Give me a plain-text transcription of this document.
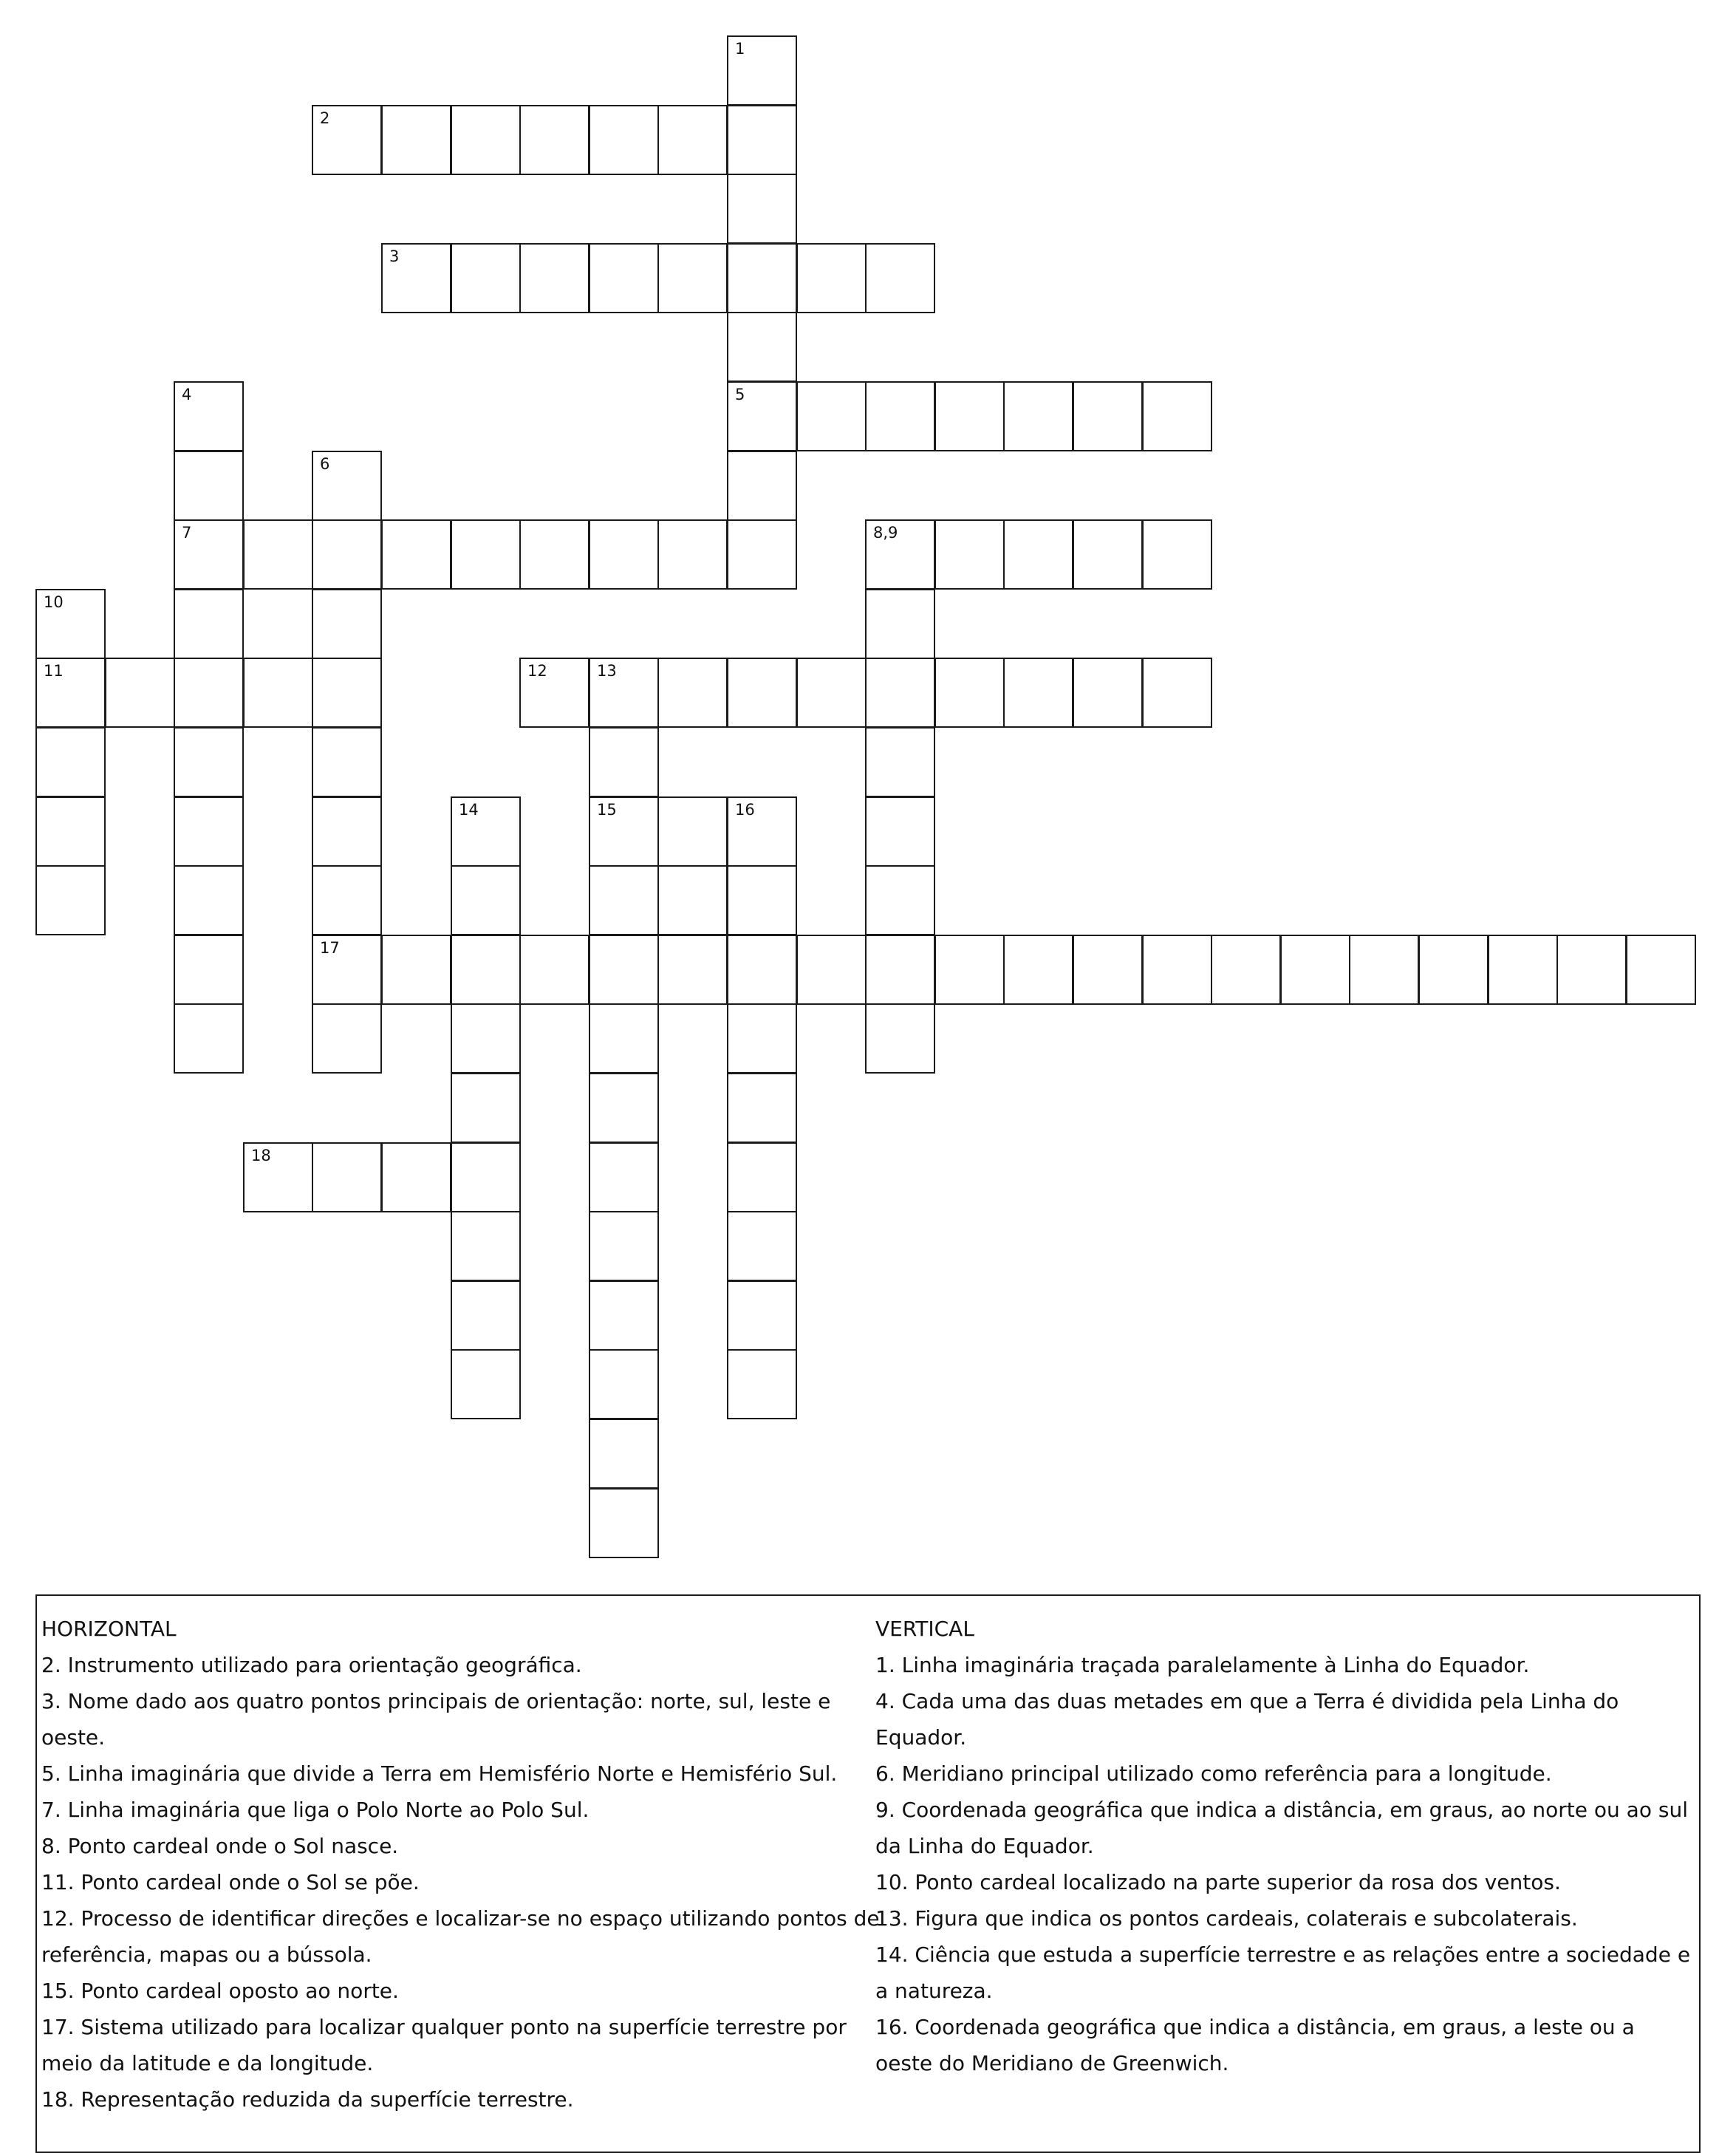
1
2
3
4	5
6
7	8,9
10
11	12	13
14	15	16
17
18
HORIZONTAL
2. Instrumento utilizado para orientação geográfica.
3. Nome dado aos quatro pontos principais de orientação: norte, sul, leste e oeste.
5. Linha imaginária que divide a Terra em Hemisfério Norte e Hemisfério Sul.
7. Linha imaginária que liga o Polo Norte ao Polo Sul.
8. Ponto cardeal onde o Sol nasce.
11. Ponto cardeal onde o Sol se põe.
12. Processo de identificar direções e localizar-se no espaço utilizando pontos de referência, mapas ou a bússola.
15. Ponto cardeal oposto ao norte.
17. Sistema utilizado para localizar qualquer ponto na superfície terrestre por meio da latitude e da longitude.
18. Representação reduzida da superfície terrestre.
VERTICAL
1. Linha imaginária traçada paralelamente à Linha do Equador.
4. Cada uma das duas metades em que a Terra é dividida pela Linha do Equador.
6. Meridiano principal utilizado como referência para a longitude.
9. Coordenada geográfica que indica a distância, em graus, ao norte ou ao sul da Linha do Equador.
10. Ponto cardeal localizado na parte superior da rosa dos ventos.
13. Figura que indica os pontos cardeais, colaterais e subcolaterais.
14. Ciência que estuda a superfície terrestre e as relações entre a sociedade e a natureza.
16. Coordenada geográfica que indica a distância, em graus, a leste ou a oeste do Meridiano de Greenwich.
